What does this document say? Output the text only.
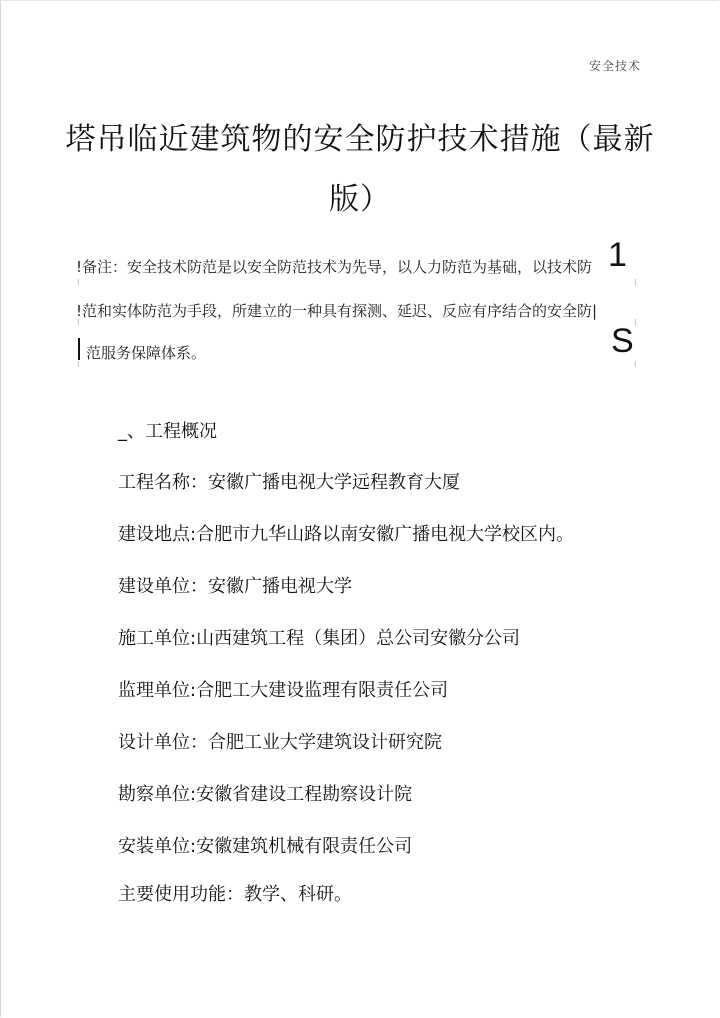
安全技术
塔吊临近建筑物的安全防护技术措施（最新
版）
!备注：安全技术防范是以安全防范技术为先导，以人力防范为基础，以技术防
!范和实体防范为手段，所建立的一种具有探测、延迟、反应有序结合的安全防|
范服务保障体系。
1
S
⁝
⁝
⁝
⁝
⁝
⁝
_、工程概况
工程名称：安徽广播电视大学远程教育大厦
建设地点:合肥市九华山路以南安徽广播电视大学校区内。
建设单位：安徽广播电视大学
施工单位:山西建筑工程（集团）总公司安徽分公司
监理单位:合肥工大建设监理有限责任公司
设计单位：合肥工业大学建筑设计研究院
勘察单位:安徽省建设工程勘察设计院
安装单位:安徽建筑机械有限责任公司
主要使用功能：教学、科研。
